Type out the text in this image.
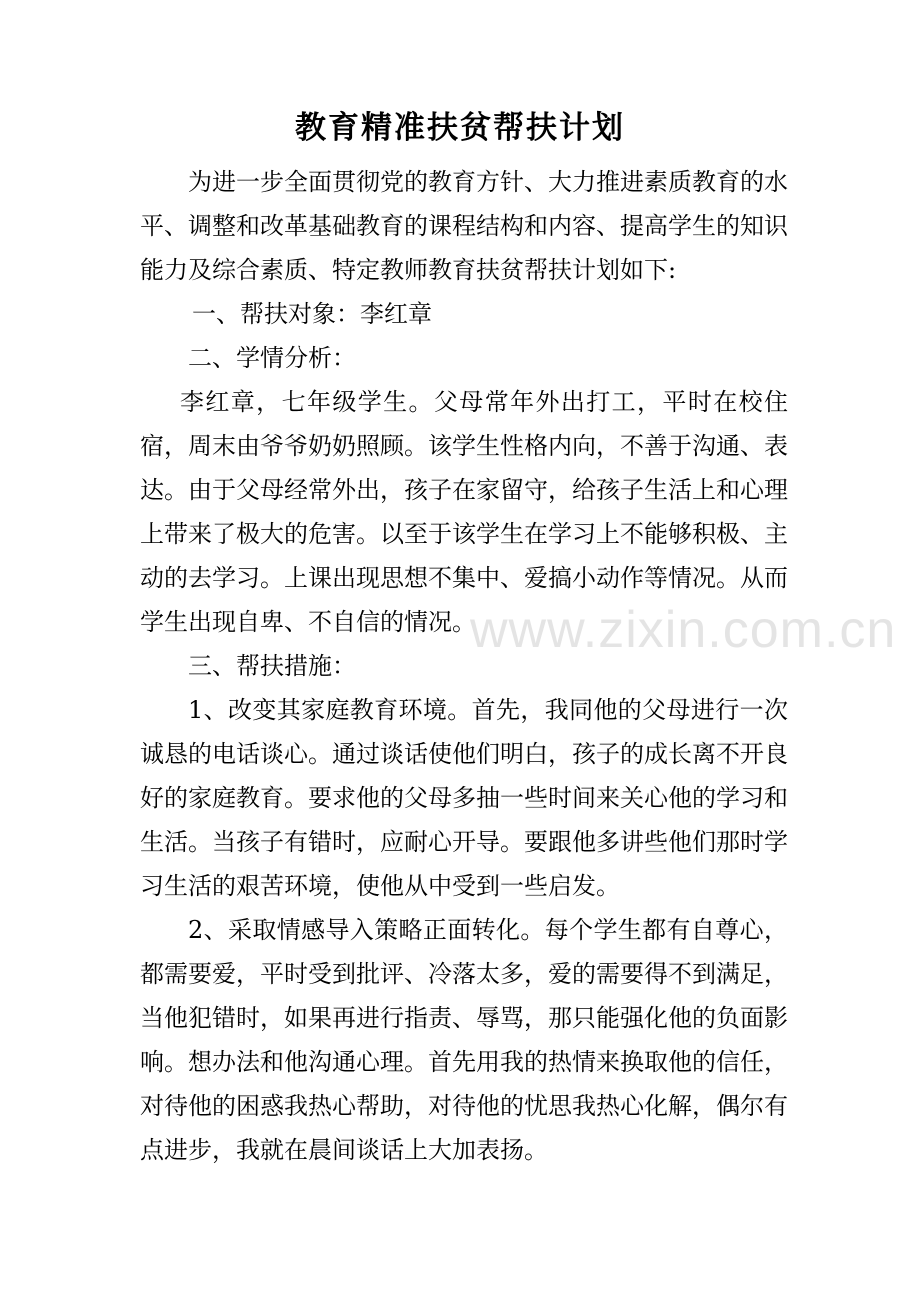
教育精准扶贫帮扶计划

为进一步全面贯彻党的教育方针、大力推进素质教育的水平、调整和改革基础教育的课程结构和内容、提高学生的知识能力及综合素质、特定教师教育扶贫帮扶计划如下:

一、帮扶对象：李红章

二、学情分析：

李红章，七年级学生。父母常年外出打工，平时在校住宿，周末由爷爷奶奶照顾。该学生性格内向，不善于沟通、表达。由于父母经常外出，孩子在家留守，给孩子生活上和心理上带来了极大的危害。以至于该学生在学习上不能够积极、主动的去学习。上课出现思想不集中、爱搞小动作等情况。从而学生出现自卑、不自信的情况。

三、帮扶措施：

1、改变其家庭教育环境。首先，我同他的父母进行一次诚恳的电话谈心。通过谈话使他们明白，孩子的成长离不开良好的家庭教育。要求他的父母多抽一些时间来关心他的学习和生活。当孩子有错时，应耐心开导。要跟他多讲些他们那时学习生活的艰苦环境，使他从中受到一些启发。

2、采取情感导入策略正面转化。每个学生都有自尊心，都需要爱，平时受到批评、冷落太多，爱的需要得不到满足，当他犯错时，如果再进行指责、辱骂，那只能强化他的负面影响。想办法和他沟通心理。首先用我的热情来换取他的信任，对待他的困惑我热心帮助，对待他的忧思我热心化解，偶尔有点进步，我就在晨间谈话上大加表扬。

www.zixin.com.cn
